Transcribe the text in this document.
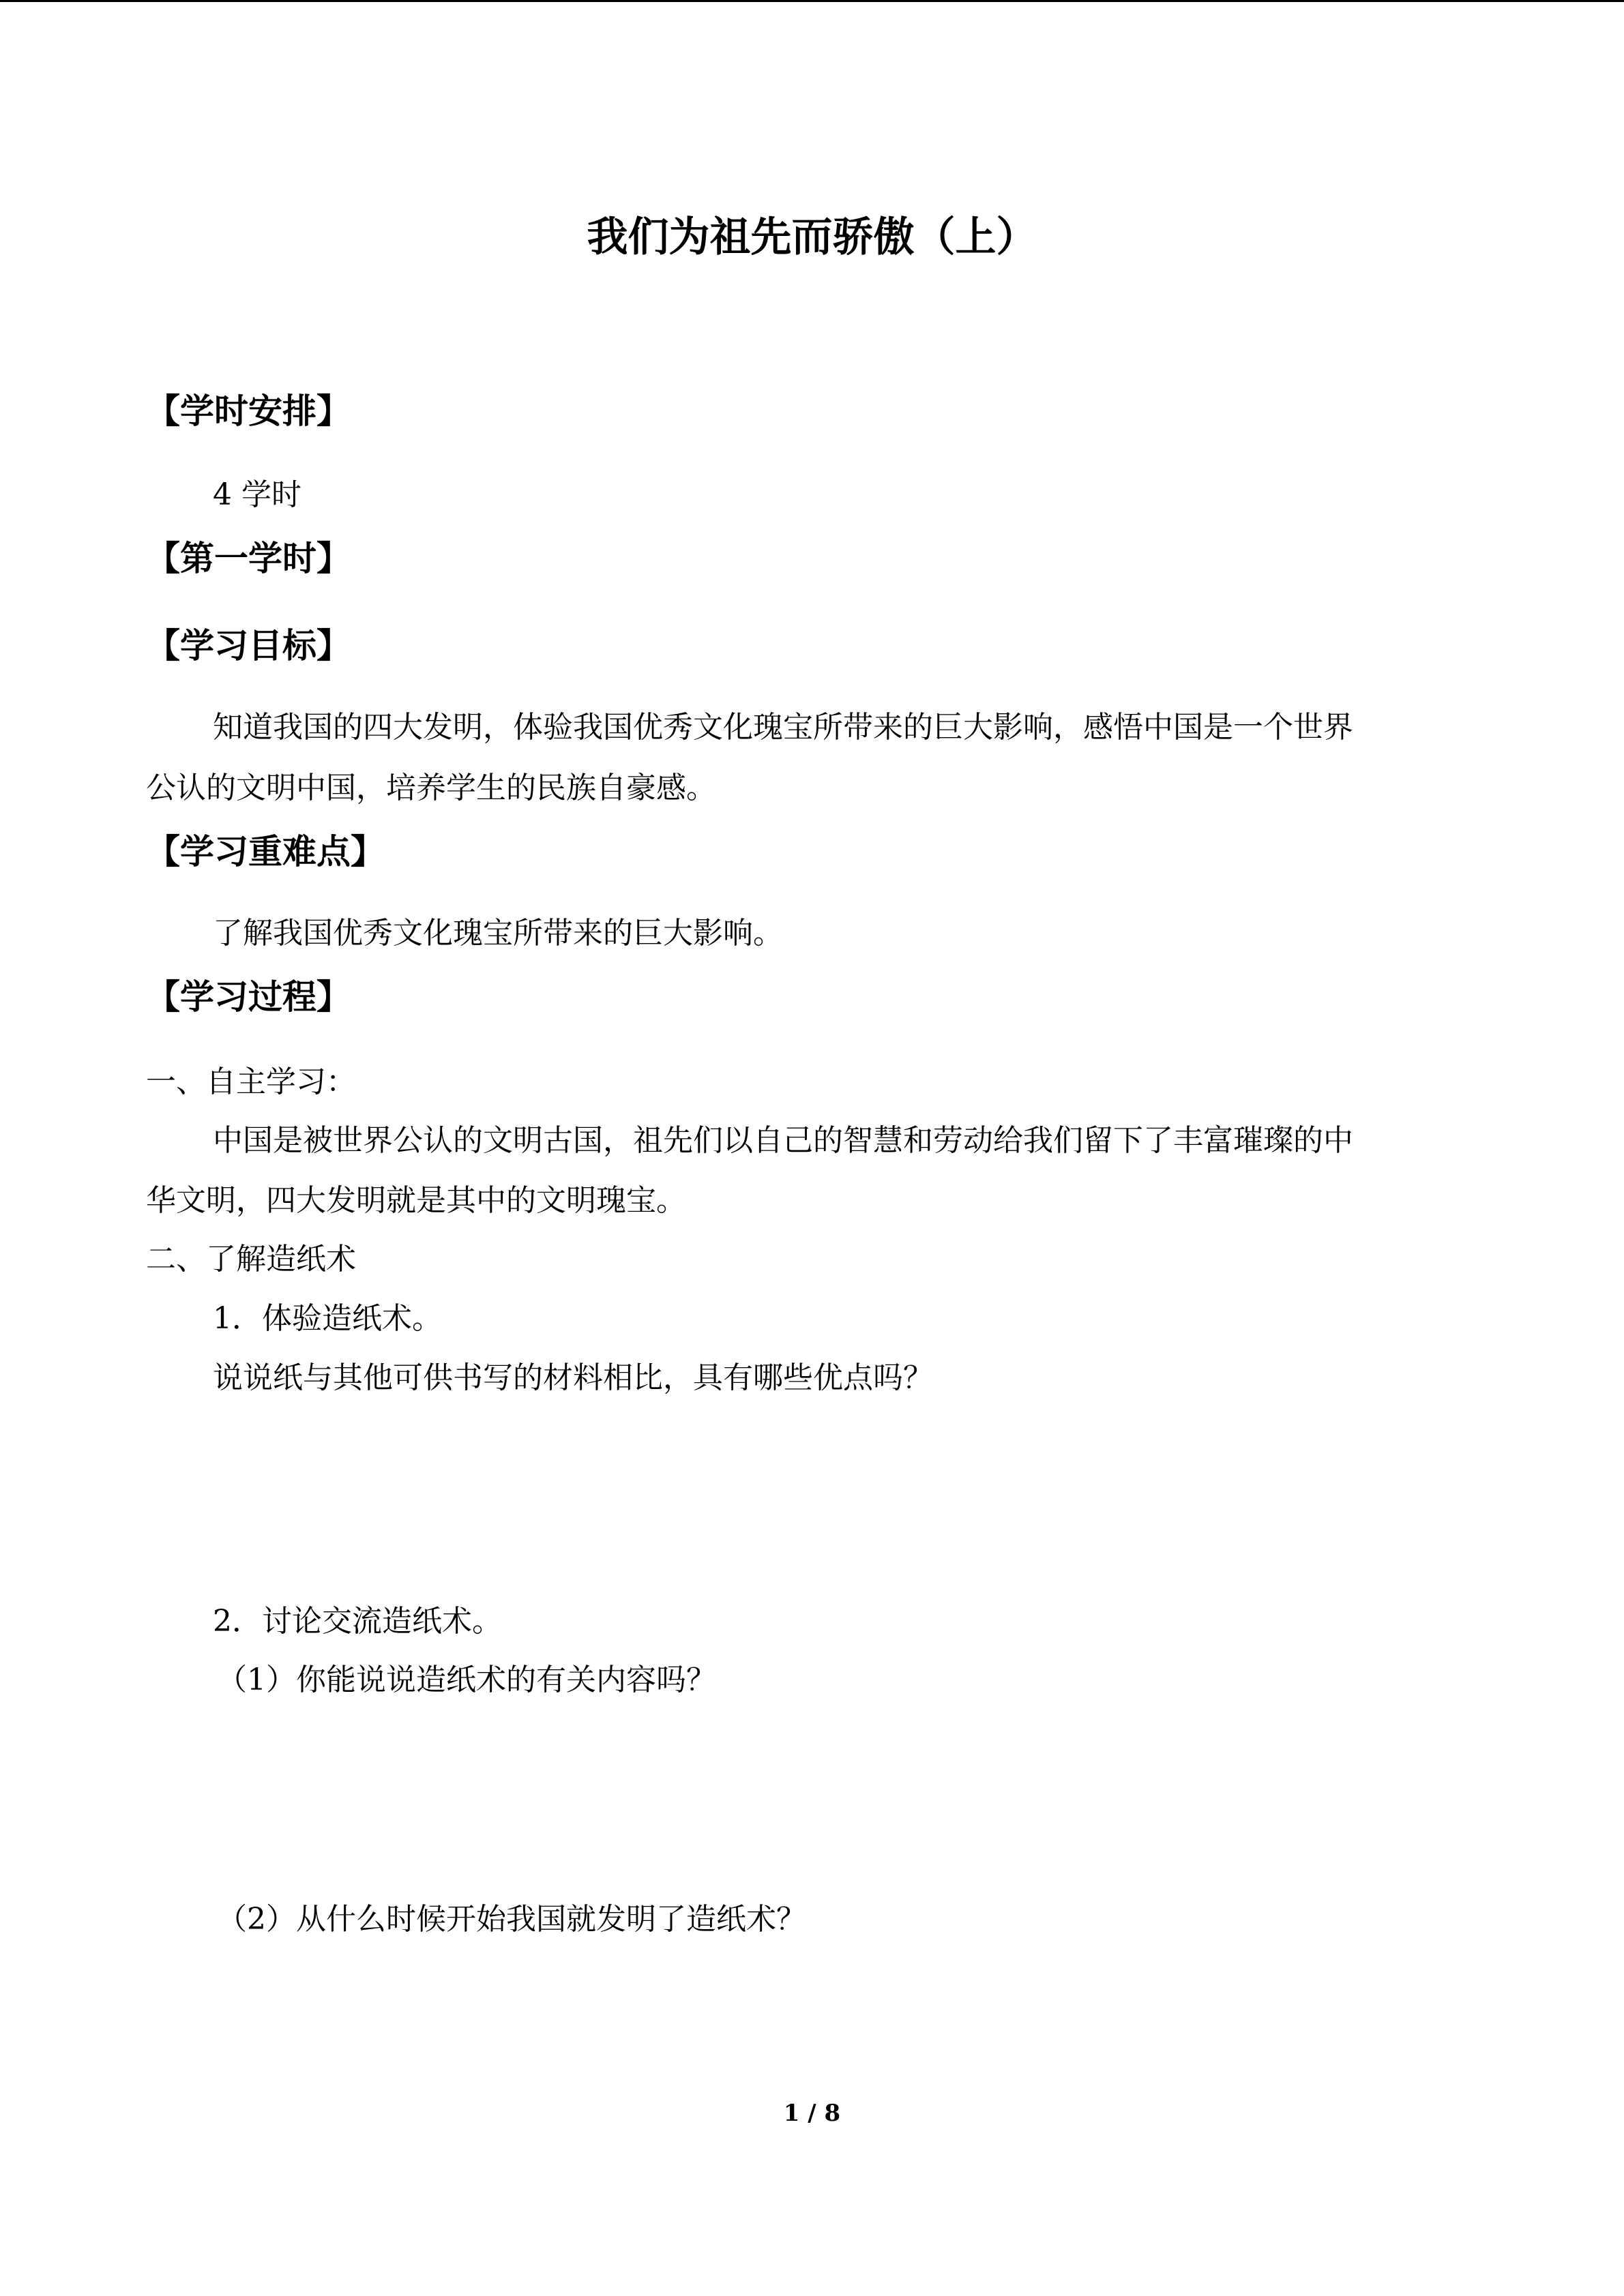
我们为祖先而骄傲（上）
【学时安排】
4 学时
【第一学时】
【学习目标】
知道我国的四大发明，体验我国优秀文化瑰宝所带来的巨大影响，感悟中国是一个世界
公认的文明中国，培养学生的民族自豪感。
【学习重难点】
了解我国优秀文化瑰宝所带来的巨大影响。
【学习过程】
一、自主学习：
中国是被世界公认的文明古国，祖先们以自己的智慧和劳动给我们留下了丰富璀璨的中
华文明，四大发明就是其中的文明瑰宝。
二、了解造纸术
1．体验造纸术。
说说纸与其他可供书写的材料相比，具有哪些优点吗？
2．讨论交流造纸术。
（1）你能说说造纸术的有关内容吗？
（2）从什么时候开始我国就发明了造纸术？
1 / 8
